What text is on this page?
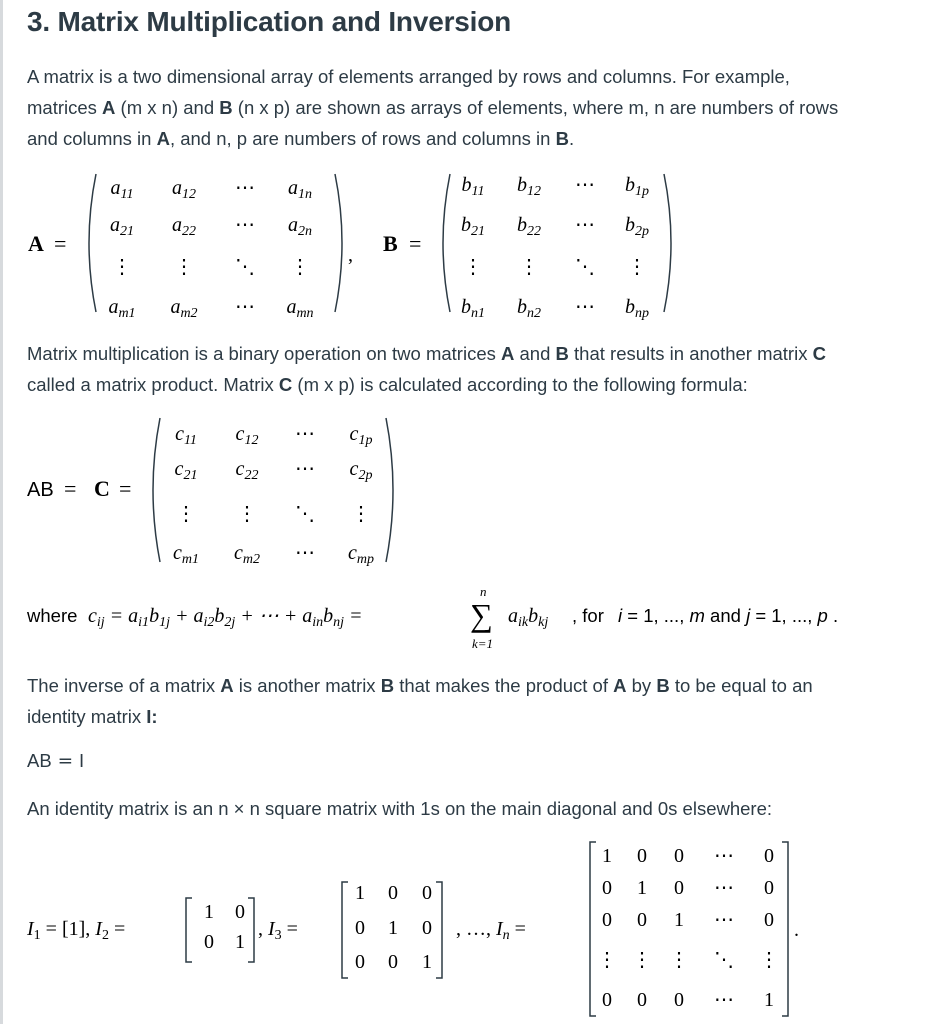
3. Matrix Multiplication and Inversion

A matrix is a two dimensional array of elements arranged by rows and columns. For example,

matrices A (m x n) and B (n x p) are shown as arrays of elements, where m, n are numbers of rows

and columns in A, and n, p are numbers of rows and columns in B.

Matrix multiplication is a binary operation on two matrices A and B that results in another matrix C

called a matrix product. Matrix C (m x p) is calculated according to the following formula:

The inverse of a matrix A is another matrix B that makes the product of A by B to be equal to an

identity matrix I:

AB = I

An identity matrix is an n × n square matrix with 1s on the main diagonal and 0s elsewhere:

A =
$a_{11}$ $a_{12}$ ⋯ $a_{1n}$
$a_{21}$ $a_{22}$ ⋯ $a_{2n}$
⋮ ⋮ ⋱ ⋮
$a_{m1}$ $a_{m2}$ ⋯ $a_{mn}$
, B =
$b_{11}$ $b_{12}$ ⋯ $b_{1p}$
$b_{21}$ $b_{22}$ ⋯ $b_{2p}$
⋮ ⋮ ⋱ ⋮
$b_{n1}$ $b_{n2}$ ⋯ $b_{np}$
AB = C =
$c_{11}$ $c_{12}$ ⋯ $c_{1p}$
$c_{21}$ $c_{22}$ ⋯ $c_{2p}$
⋮ ⋮ ⋱ ⋮
$c_{m1}$ $c_{m2}$ ⋯ $c_{mp}$
where $c_{ij} = a_{i1}b_{1j} + a_{i2}b_{2j}$ + ⋯ + $a_{in}b_{nj}$ =
n
∑
k=1
$a_{ik}b_{kj}$ , for i = 1, ..., m and j = 1, ..., p .
$I_1 = [1]$, $I_2$ =
1 0
0 1
, $I_3$ =
1 0 0
0 1 0
0 0 1
, …, $I_n$ =
1 0 0 ⋯ 0
0 1 0 ⋯ 0
0 0 1 ⋯ 0
⋮ ⋮ ⋮ ⋱ ⋮
0 0 0 ⋯ 1
.
